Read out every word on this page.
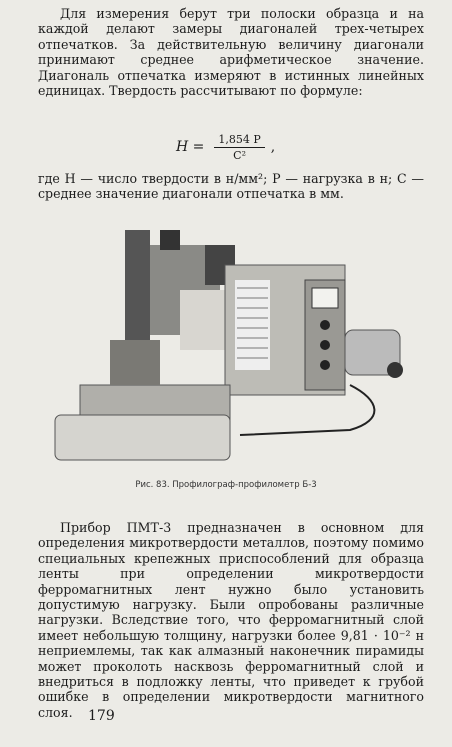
Для измерения берут три полоски образца и на каждой делают замеры диагоналей трех-четырех отпечатков. За действительную величину диагонали принимают среднее арифметическое значение. Диагональ отпечатка измеряют в истинных линейных единицах. Твердость рассчитывают по формуле:

$H = \frac{1,854 P}{\text{C²}}$ ,

где H — число твердости в н/мм²; P — нагрузка в н; C — среднее значение диагонали отпечатка в мм.

Рис. 83. Профилограф-профилометр Б-3

Прибор ПМТ-3 предназначен в основном для определения микротвердости металлов, поэтому помимо специальных крепежных приспособлений для образца ленты при определении микротвердости ферромагнитных лент нужно было установить допустимую нагрузку. Были опробованы различные нагрузки. Вследствие того, что ферромагнитный слой имеет небольшую толщину, нагрузки более 9,81 · 10⁻² н неприемлемы, так как алмазный наконечник пирамиды может проколоть насквозь ферромагнитный слой и внедриться в подложку ленты, что приведет к грубой ошибке в определении микротвердости магнитного слоя.	179
